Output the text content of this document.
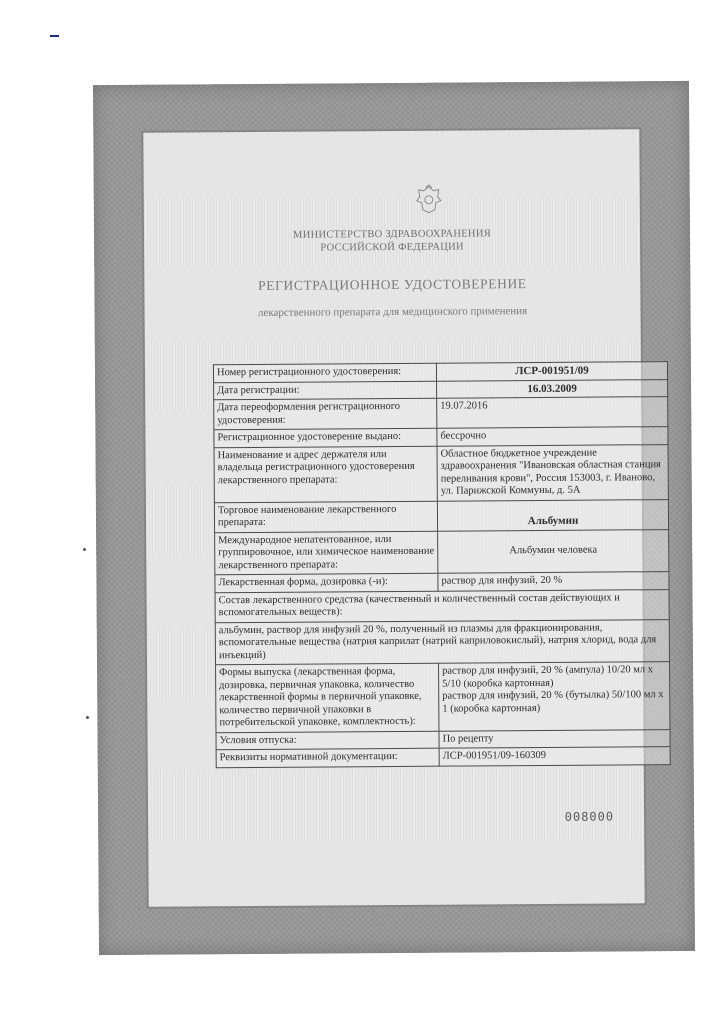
МИНИСТЕРСТВО ЗДРАВООХРАНЕНИЯ
РОССИЙСКОЙ ФЕДЕРАЦИИ
РЕГИСТРАЦИОННОЕ УДОСТОВЕРЕНИЕ
лекарственного препарата для медицинского применения
Номер регистрационного удостоверения:	ЛСР-001951/09
Дата регистрации:	16.03.2009
Дата переоформления регистрационного удостоверения:	19.07.2016
Регистрационное удостоверение выдано:	бессрочно
Наименование и адрес держателя или владельца регистрационного удостоверения лекарственного препарата:	Областное бюджетное учреждение здравоохранения "Ивановская областная станция переливания крови", Россия 153003, г. Иваново, ул. Парижской Коммуны, д. 5А
Торговое наименование лекарственного препарата:	Альбумин
Международное непатентованное, или группировочное, или химическое наименование лекарственного препарата:	Альбумин человека
Лекарственная форма, дозировка (-и):	раствор для инфузий, 20 %
Состав лекарственного средства (качественный и количественный состав действующих и вспомогательных веществ):	
альбумин, раствор для инфузий 20 %, полученный из плазмы для фракционирования, вспомогательные вещества (натрия каприлат (натрий каприловокислый), натрия хлорид, вода для инъекций)	
Формы выпуска (лекарственная форма, дозировка, первичная упаковка, количество лекарственной формы в первичной упаковке, количество первичной упаковки в потребительской упаковке, комплектность):	раствор для инфузий, 20 % (ампула) 10/20 мл x 5/10 (коробка картонная)
раствор для инфузий, 20 % (бутылка) 50/100 мл x 1 (коробка картонная)

Условия отпуска:	По рецепту
Реквизиты нормативной документации:	ЛСР-001951/09-160309
008000
